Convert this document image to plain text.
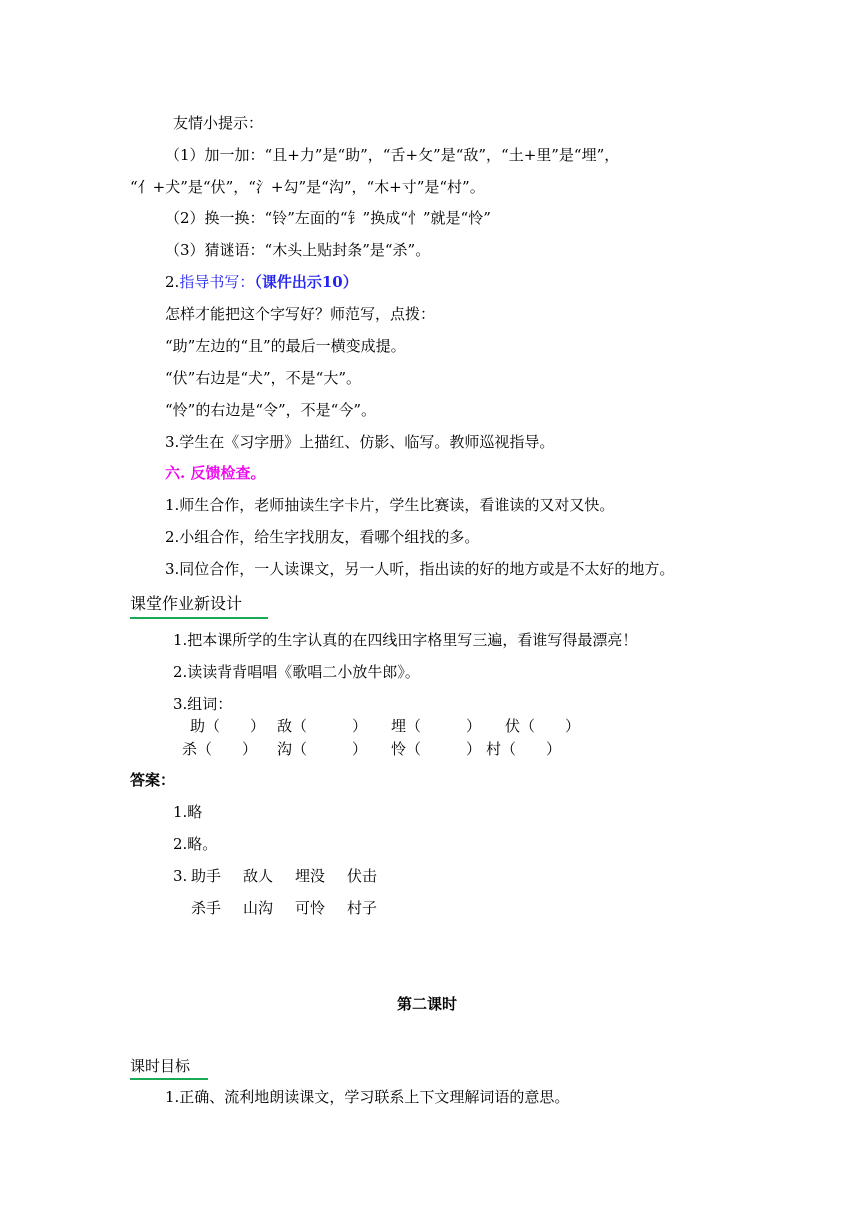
友情小提示：
（1）加一加：“且+力”是“助”，“舌+攵”是“敌”，“土+里”是“埋”，
“亻+犬”是“伏”，“氵+勾”是“沟”，“木+寸”是“村”。
（2）换一换：“铃”左面的“钅”换成“忄”就是“怜”
（3）猜谜语：“木头上贴封条”是“杀”。
2.指导书写：（课件出示10）
怎样才能把这个字写好？师范写，点拨：
“助”左边的“且”的最后一横变成提。
“伏”右边是“犬”，不是“大”。
“怜”的右边是“令”，不是“今”。
3.学生在《习字册》上描红、仿影、临写。教师巡视指导。
六. 反馈检查。
1.师生合作，老师抽读生字卡片，学生比赛读，看谁读的又对又快。
2.小组合作，给生字找朋友，看哪个组找的多。
3.同位合作，一人读课文，另一人听，指出读的好的地方或是不太好的地方。
课堂作业新设计
1.把本课所学的生字认真的在四线田字格里写三遍，看谁写得最漂亮！
2.读读背背唱唱《歌唱二小放牛郎》。
3.组词：
助（　　） 敌（　　　） 埋（　　　） 伏（　　）
杀（　　） 沟（　　　） 怜（　　　） 村（　　）
答案：
1.略
2.略。
3. 助手 敌人 埋没 伏击
杀手 山沟 可怜 村子
第二课时
课时目标
1.正确、流利地朗读课文，学习联系上下文理解词语的意思。
